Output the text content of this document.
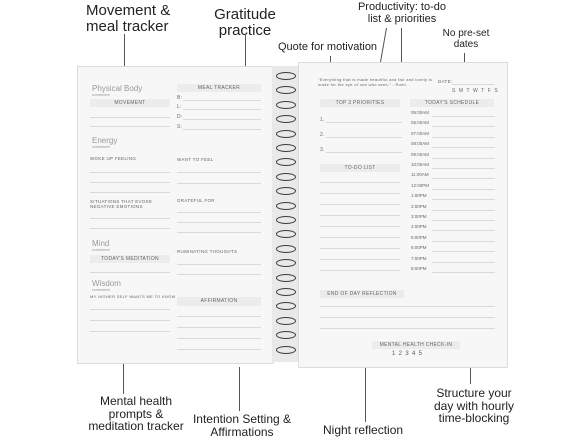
Movement &
meal tracker
Gratitude
practice
Productivity: to-do
list & priorities
Quote for motivation
No pre-set
dates
Mental health
prompts &
meditation tracker
Intention Setting &
Affirmations	Night reflection
Structure your
day with hourly
time-blocking
Physical Body
somewhere
MOVEMENT
Energy
somewhere
WOKE UP FEELING
SITUATIONS THAT EVOKE
NEGATIVE EMOTIONS
Mind
somewhere
TODAY'S MEDITATION
Wisdom
somewhere
MY HIGHER SELF WANTS ME TO KNOW
MEAL TRACKER
B:
L:
D:
S:
WANT TO FEEL
GRATEFUL FOR
RUMINATING THOUGHTS
AFFIRMATION
"Everything that is made beautiful and fair and lovely is made for the eye of one who sees." - Rumi
DATE:
S M T W T F S
TOP 3 PRIORITIES
1.
2.
3.
TO-DO LIST
TODAY'S SCHEDULE
05:00AM
06:00AM
07:00AM
08:00AM
09:00AM
10:00AM
11:00AM
12:00PM
1:00PM
2:00PM
3:00PM
4:00PM
5:00PM
6:00PM
7:00PM
8:00PM
END OF DAY REFLECTION
MENTAL HEALTH CHECK-IN
1  2  3  4  5
